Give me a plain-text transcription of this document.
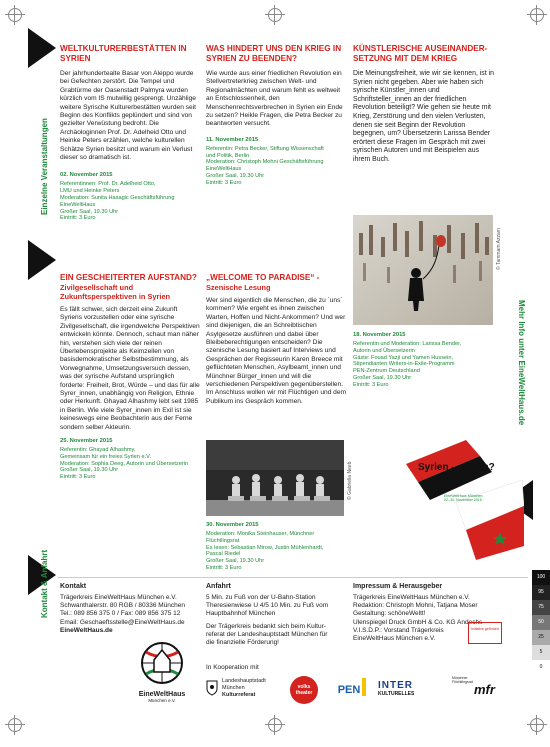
Einzelne Veranstaltungen
Kontakt & Anfahrt
Mehr Info unter EineWeltHaus.de

WELTKULTURERBESTÄTTEN IN SYRIEN

Der jahrhundertealte Basar von Aleppo wurde bei Gefechten zerstört. Die Tempel und Grabtürme der Oasenstadt Palmyra wurden kürzlich vom IS mutwillig gesprengt. Unzählige weitere Syrische Kulturerbestätten wurden seit Beginn des Konflikts geplündert und sind von gezielter Verwüstung bedroht. Die Archäologinnen Prof. Dr. Adelheid Otto und Heinke Peters erzählen, welche kulturellen Schätze Syrien besitzt und warum ein Verlust dieser so dramatisch ist.

02. November 2015

Referentinnen: Prof. Dr. Adelheid Otto,

LMU und Heinke Peters

Moderation: Sunita Hasagic Geschäftsführung

EineWeltHaus

Großer Saal, 19.30 Uhr

Eintritt: 3 Euro

WAS HINDERT UNS DEN KRIEG IN SYRIEN ZU BEENDEN?

Wie wurde aus einer friedlichen Revolution ein Stellvertreterkrieg zwischen Welt- und Regionalmächten und warum fehlt es weltweit an Entschlossenheit, den Menschenrechtsverbrechen in Syrien ein Ende zu setzen? Heikle Fragen, die Petra Becker zu beantworten versucht.

11. November 2015

Referentin: Petra Becker, Stiftung Wissenschaft

und Politik, Berlin

Moderation: Christoph Mohni Geschäftsführung

EineWeltHaus

Großer Saal, 19.30 Uhr

Eintritt: 3 Euro

KÜNSTLERISCHE AUSEINANDER-SETZUNG MIT DEM KRIEG

Die Meinungsfreiheit, wie wir sie kennen, ist in Syrien nicht gegeben. Aber wie haben sich syrische Künstler_innen und Schriftsteller_innen an der friedlichen Revolution beteiligt? Wie gehen sie heute mit Krieg, Zerstörung und den vielen Verlusten, denen sie seit Beginn der Revolution begegnen, um? Übersetzerin Larissa Bender erörtert diese Fragen im Gespräch mit zwei syrischen Autoren und mit Beispielen aus ihrem Buch.

© Tammam Azzam

18. November 2015

Referentin und Moderation: Larissa Bender,

Autorin und Übersetzerin

Gäste: Fouad Yazji und Yamen Hussein,

Stipendianten Writers-in-Exile-Programm

PEN-Zentrum Deutschland

Großer Saal, 19.30 Uhr

Eintritt: 3 Euro

EIN GESCHEITERTER AUFSTAND?

Zivilgesellschaft und Zukunftsperspektiven in Syrien

Es fällt schwer, sich derzeit eine Zukunft Syriens vorzustellen oder eine syrische Zivilgesellschaft, die irgendwelche Perspektiven entwickeln könnte. Dennoch, schaut man näher hin, verstehen sich viele der reinen Überlebensprojekte als Keimzellen von basisdemokratischer Selbstbestimmung, als Vorwegnahme, Umsetzungsversuch dessen, was der syrische Aufstand ursprünglich forderte: Freiheit, Brot, Würde – und das für alle Syrer_innen, unabhängig von Religion, Ethnie oder Herkunft. Ghayad Alhashmy lebt seit 1985 in Berlin. Wie viele Syrer_innen im Exil ist sie keineswegs eine Beobachterin aus der Ferne sondern selber Akteurin.

25. November 2015

Referentin: Ghayad Alhashmy,

Gemeinsam für ein freies Syrien e.V.

Moderation: Sophia Deeg, Autorin und Übersetzerin

Großer Saal, 19.30 Uhr

Eintritt: 3 Euro

„WELCOME TO PARADISE“ -

Szenische Lesung

Wer sind eigentlich die Menschen, die zu ´uns´ kommen? Wie ergeht es ihnen zwischen Warten, Hoffen und Nicht-Ankommen? Und wer sind diejenigen, die an Schreibtischen Asylgesetze ausführen und dabei über Bleibeberechtigungen entscheiden? Die szenische Lesung basiert auf Interviews und Gesprächen der Regisseurin Karen Breece mit geflüchteten Menschen, Asylbeamt_innen und Münchner Bürger_innen und will die verschiedenen Perspektiven gegenüberstellen. Im Anschluss wollen wir mit Flüchtigen und dem Publikum ins Gespräch kommen.

© Gabriella Neeb

30. November 2015

Moderation: Monika Steinhauser, Münchner

Flüchtlingsrat

Es lesen: Sebastian Mirow, Justin Mühlenhardt,

Pascal Riedel

Großer Saal, 19.30 Uhr

Eintritt: 3 Euro

Syrien – wohin?
EineWeltHaus München
02.-30. November 2015
100
95
75
50
25
5
0

Kontakt

Trägerkreis EineWeltHaus München e.V.

Schwanthalerstr. 80 RGB / 80336 München

Tel.: 089 856 375 0 / Fax: 089 856 375 12

Email: Geschaeftsstelle@EineWeltHaus.de

EineWeltHaus.de

Anfahrt

5 Min. zu Fuß von der U-Bahn-Station

Theresienwiese U 4/5 10 Min. zu Fuß vom

Hauptbahnhof München

Der Trägerkreis bedankt sich beim Kultur-

referat der Landeshauptstadt München für

die finanzielle Förderung!

Impressum & Herausgeber

Trägerkreis EineWeltHaus München e.V.

Redaktion: Christoph Mohni, Tatjana Moser

Gestaltung: schöneWeltt!

Ulenspiegel Druck GmbH & Co. KG Andechs

V.I.S.D.P.: Vorstand Trägerkreis

EineWeltHaus München e.V.

Initiative gefördert
EineWeltHaus
München e.V.
In Kooperation mit
Landeshauptstadt
München
Kulturreferat
volks theater	PEN	INTER
KULTURELLES
Münchner Flüchtlingsrat mfr
